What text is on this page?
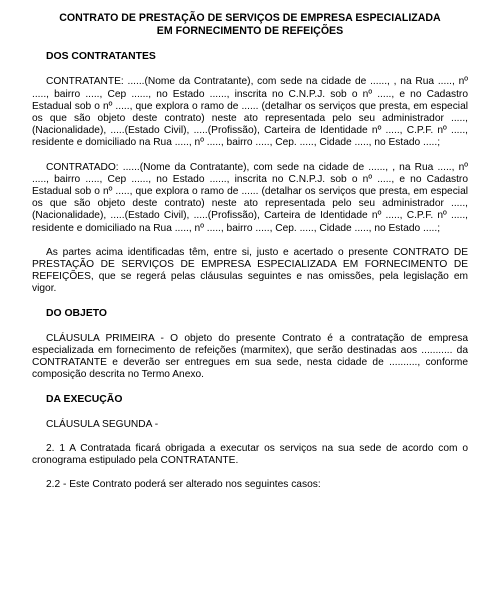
CONTRATO DE PRESTAÇÃO DE SERVIÇOS DE EMPRESA ESPECIALIZADA
EM FORNECIMENTO DE REFEIÇÕES
DOS CONTRATANTES

CONTRATANTE: ......(Nome da Contratante), com sede na cidade de ......, , na Rua ....., nº ....., bairro ....., Cep ......, no Estado ......, inscrita no C.N.P.J. sob o nº ....., e no Cadastro Estadual sob o nº ....., que explora o ramo de ...... (detalhar os serviços que presta, em especial os que são objeto deste contrato) neste ato representada pelo seu administrador ....., (Nacionalidade), .....(Estado Civil), .....(Profissão), Carteira de Identidade nº ....., C.P.F. nº ....., residente e domiciliado na Rua ....., nº ....., bairro ....., Cep. ....., Cidade ....., no Estado .....;

CONTRATADO: ......(Nome da Contratante), com sede na cidade de ......, , na Rua ....., nº ....., bairro ....., Cep ......, no Estado ......, inscrita no C.N.P.J. sob o nº ....., e no Cadastro Estadual sob o nº ....., que explora o ramo de ...... (detalhar os serviços que presta, em especial os que são objeto deste contrato) neste ato representada pelo seu administrador ....., (Nacionalidade), .....(Estado Civil), .....(Profissão), Carteira de Identidade nº ....., C.P.F. nº ....., residente e domiciliado na Rua ....., nº ....., bairro ....., Cep. ....., Cidade ....., no Estado .....;

As partes acima identificadas têm, entre si, justo e acertado o presente CONTRATO DE PRESTAÇÃO DE SERVIÇOS DE EMPRESA ESPECIALIZADA EM FORNECIMENTO DE REFEIÇÕES, que se regerá pelas cláusulas seguintes e nas omissões, pela legislação em vigor.

DO OBJETO

CLÁUSULA PRIMEIRA - O objeto do presente Contrato é a contratação de empresa especializada em fornecimento de refeições (marmitex), que serão destinadas aos ........... da CONTRATANTE e deverão ser entregues em sua sede, nesta cidade de .........., conforme composição descrita no Termo Anexo.

DA EXECUÇÃO
CLÁUSULA SEGUNDA -

2. 1 A Contratada ficará obrigada a executar os serviços na sua sede de acordo com o cronograma estipulado pela CONTRATANTE.

2.2 - Este Contrato poderá ser alterado nos seguintes casos:
